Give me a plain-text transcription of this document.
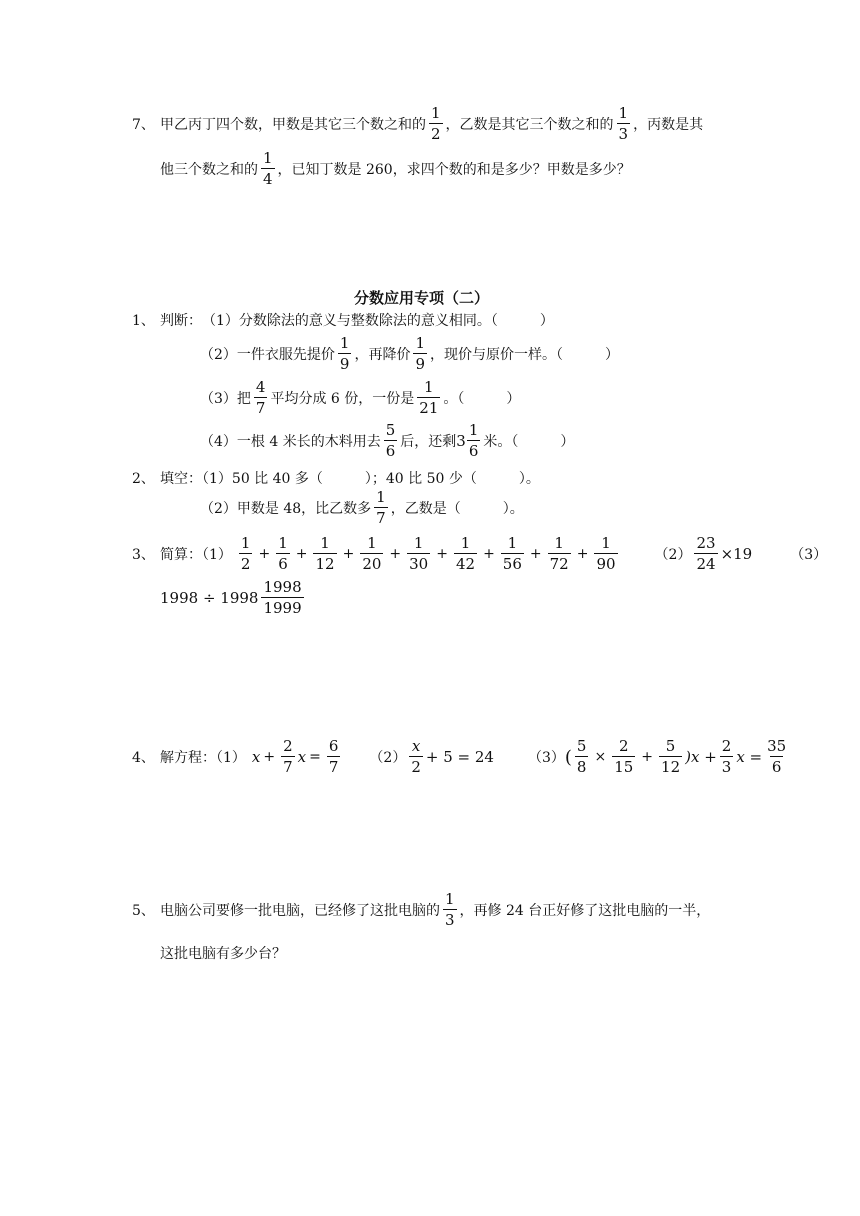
7、 甲乙丙丁四个数，甲数是其它三个数之和的 $\frac{1}{2}$ ，乙数是其它三个数之和的 $\frac{1}{3}$ ，丙数是其
他三个数之和的 $\frac{1}{4}$ ，已知丁数是 260，求四个数的和是多少？甲数是多少？
分数应用专项（二）
1、 判断： （1）分数除法的意义与整数除法的意义相同。（　　　）
（2）一件衣服先提价 $\frac{1}{9}$ ，再降价 $\frac{1}{9}$ ，现价与原价一样。（　　　）
（3）把 $\frac{4}{7}$ 平均分成 6 份，一份是 $\frac{1}{21}$ 。（　　　）
（4）一根 4 米长的木料用去 $\frac{5}{6}$ 后，还剩 $3 \frac{1}{6}$ 米。（　　　）
2、 填空：（1）50 比 40 多（　　　）；40 比 50 少（　　　）。
（2）甲数是 48，比乙数多 $\frac{1}{7}$ ，乙数是（　　　）。
3、 简算：$(1) \frac{1}{2} + \frac{1}{6} + \frac{1}{12} + \frac{1}{20} + \frac{1}{30} + \frac{1}{42} + \frac{1}{56} + \frac{1}{72} + \frac{1}{90}$	$(2) \frac{23}{24} \times 19$	（3）
$1998 \div 1998 \frac{1998}{1999}$
4、 解方程：（1） $x + \frac{2}{7}$ $x = \frac{6}{7} (2) \frac{x}{2} + 5 = 24$ （3） ( $\frac{5}{8} \times \frac{2}{15} + \frac{5}{12} )x + \frac{2}{3}$ $x = \frac{35}{6}$
5、 电脑公司要修一批电脑，已经修了这批电脑的 $\frac{1}{3}$ ，再修 24 台正好修了这批电脑的一半，
这批电脑有多少台？
